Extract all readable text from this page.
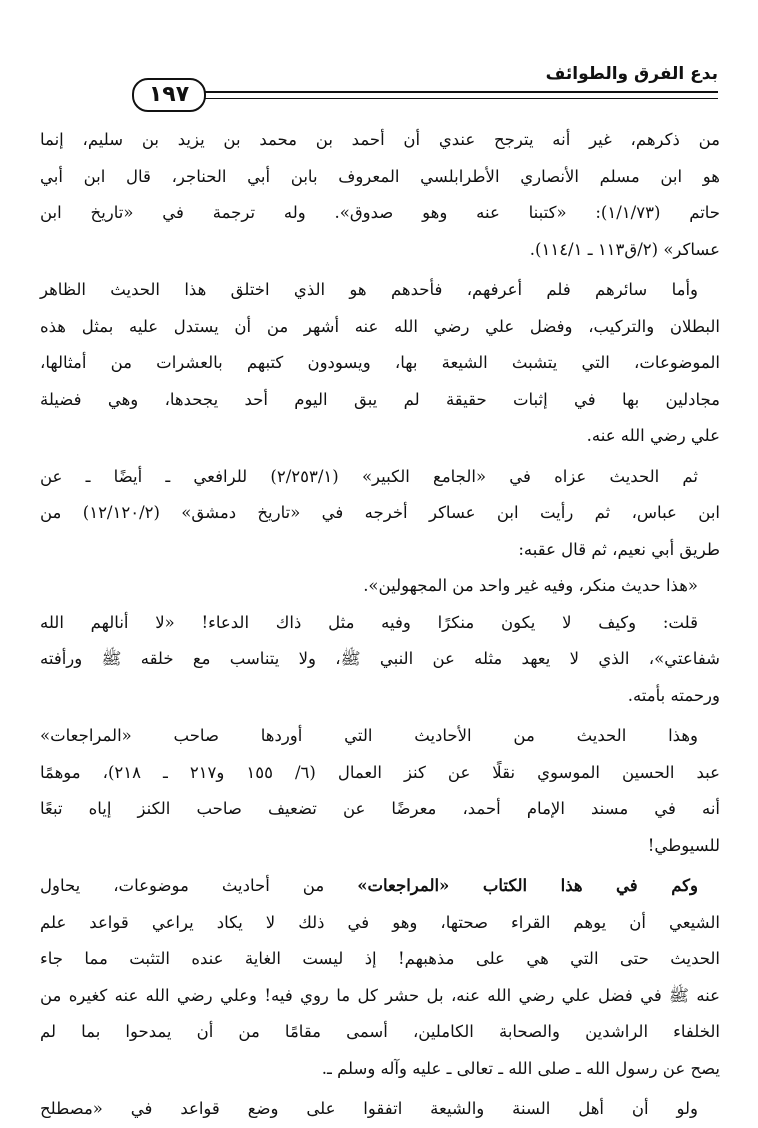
بدع الفرق والطوائف
١٩٧
من ذكرهم، غير أنه يترجح عندي أن أحمد بن محمد بن يزيد بن سليم، إنما
هو ابن مسلم الأنصاري الأطرابلسي المعروف بابن أبي الحناجر، قال ابن أبي
حاتم (١/١/٧٣): «كتبنا عنه وهو صدوق». وله ترجمة في «تاريخ ابن
عساكر» (٢/ق١١٣ ـ ١١٤/١).
وأما سائرهم فلم أعرفهم، فأحدهم هو الذي اختلق هذا الحديث الظاهر
البطلان والتركيب، وفضل علي رضي الله عنه أشهر من أن يستدل عليه بمثل هذه
الموضوعات، التي يتشبث الشيعة بها، ويسودون كتبهم بالعشرات من أمثالها،
مجادلين بها في إثبات حقيقة لم يبق اليوم أحد يجحدها، وهي فضيلة
علي رضي الله عنه.
ثم الحديث عزاه في «الجامع الكبير» (٢/٢٥٣/١) للرافعي ـ أيضًا ـ عن
ابن عباس، ثم رأيت ابن عساكر أخرجه في «تاريخ دمشق» (١٢/١٢٠/٢) من
طريق أبي نعيم، ثم قال عقبه:
«هذا حديث منكر، وفيه غير واحد من المجهولين».
قلت: وكيف لا يكون منكرًا وفيه مثل ذاك الدعاء! «لا أنالهم الله
شفاعتي»، الذي لا يعهد مثله عن النبي ﷺ، ولا يتناسب مع خلقه ﷺ ورأفته
ورحمته بأمته.
وهذا الحديث من الأحاديث التي أوردها صاحب «المراجعات»
عبد الحسين الموسوي نقلًا عن كنز العمال (٦/ ١٥٥ و٢١٧ ـ ٢١٨)، موهمًا
أنه في مسند الإمام أحمد، معرضًا عن تضعيف صاحب الكنز إياه تبعًا
للسيوطي!
وكم في هذا الكتاب «المراجعات» من أحاديث موضوعات، يحاول
الشيعي أن يوهم القراء صحتها، وهو في ذلك لا يكاد يراعي قواعد علم
الحديث حتى التي هي على مذهبهم! إذ ليست الغاية عنده التثبت مما جاء
عنه ﷺ في فضل علي رضي الله عنه، بل حشر كل ما روي فيه! وعلي رضي الله عنه كغيره من
الخلفاء الراشدين والصحابة الكاملين، أسمى مقامًا من أن يمدحوا بما لم
يصح عن رسول الله ـ صلى الله ـ تعالى ـ عليه وآله وسلم ـ.
ولو أن أهل السنة والشيعة اتفقوا على وضع قواعد في «مصطلح
